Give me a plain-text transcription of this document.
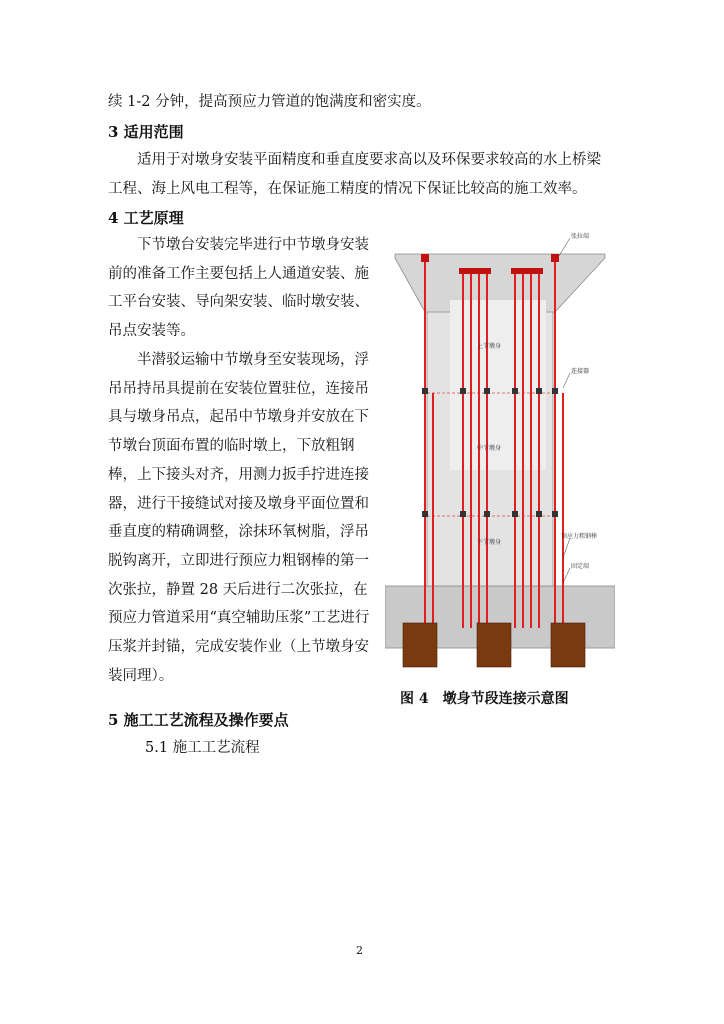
续 1-2 分钟，提高预应力管道的饱满度和密实度。
3 适用范围
适用于对墩身安装平面精度和垂直度要求高以及环保要求较高的水上桥梁
工程、海上风电工程等，在保证施工精度的情况下保证比较高的施工效率。
4 工艺原理
下节墩台安装完毕进行中节墩身安装前的准备工作主要包括上人通道安装、施工平台安装、导向架安装、临时墩安装、吊点安装等。
半潜驳运输中节墩身至安装现场，浮吊吊持吊具提前在安装位置驻位，连接吊具与墩身吊点，起吊中节墩身并安放在下节墩台顶面布置的临时墩上，下放粗钢棒，上下接头对齐，用测力扳手拧进连接器，进行干接缝试对接及墩身平面位置和垂直度的精确调整，涂抹环氧树脂，浮吊脱钩离开，立即进行预应力粗钢棒的第一次张拉，静置 28 天后进行二次张拉，在预应力管道采用“真空辅助压浆”工艺进行压浆并封锚，完成安装作业（上节墩身安装同理）。
张拉端
上节墩身
连接器
中节墩身
下节墩身
预应力粗钢棒
固定端
图 4　墩身节段连接示意图
5 施工工艺流程及操作要点
5.1 施工工艺流程
2
